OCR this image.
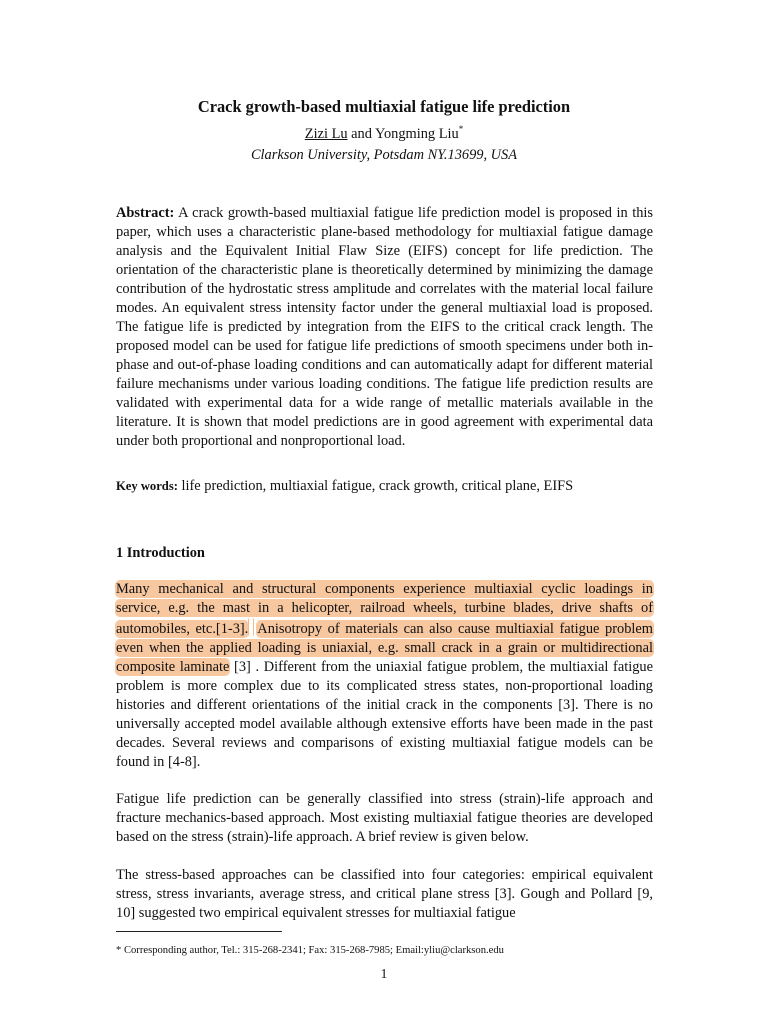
Crack growth-based multiaxial fatigue life prediction
Zizi Lu and Yongming Liu*
Clarkson University, Potsdam NY.13699, USA

Abstract: A crack growth-based multiaxial fatigue life prediction model is proposed in this paper, which uses a characteristic plane-based methodology for multiaxial fatigue damage analysis and the Equivalent Initial Flaw Size (EIFS) concept for life prediction. The orientation of the characteristic plane is theoretically determined by minimizing the damage contribution of the hydrostatic stress amplitude and correlates with the material local failure modes. An equivalent stress intensity factor under the general multiaxial load is proposed. The fatigue life is predicted by integration from the EIFS to the critical crack length. The proposed model can be used for fatigue life predictions of smooth specimens under both in-phase and out-of-phase loading conditions and can automatically adapt for different material failure mechanisms under various loading conditions. The fatigue life prediction results are validated with experimental data for a wide range of metallic materials available in the literature. It is shown that model predictions are in good agreement with experimental data under both proportional and nonproportional load.

Key words: life prediction, multiaxial fatigue, crack growth, critical plane, EIFS

1 Introduction

Many mechanical and structural components experience multiaxial cyclic loadings in service, e.g. the mast in a helicopter, railroad wheels, turbine blades, drive shafts of automobiles, etc.[1-3]. Anisotropy of materials can also cause multiaxial fatigue problem even when the applied loading is uniaxial, e.g. small crack in a grain or multidirectional composite laminate [3] . Different from the uniaxial fatigue problem, the multiaxial fatigue problem is more complex due to its complicated stress states, non-proportional loading histories and different orientations of the initial crack in the components [3]. There is no universally accepted model available although extensive efforts have been made in the past decades. Several reviews and comparisons of existing multiaxial fatigue models can be found in [4-8].

Fatigue life prediction can be generally classified into stress (strain)-life approach and fracture mechanics-based approach. Most existing multiaxial fatigue theories are developed based on the stress (strain)-life approach. A brief review is given below.

The stress-based approaches can be classified into four categories: empirical equivalent stress, stress invariants, average stress, and critical plane stress [3]. Gough and Pollard [9, 10] suggested two empirical equivalent stresses for multiaxial fatigue

* Corresponding author, Tel.: 315-268-2341; Fax: 315-268-7985; Email:yliu@clarkson.edu
1
